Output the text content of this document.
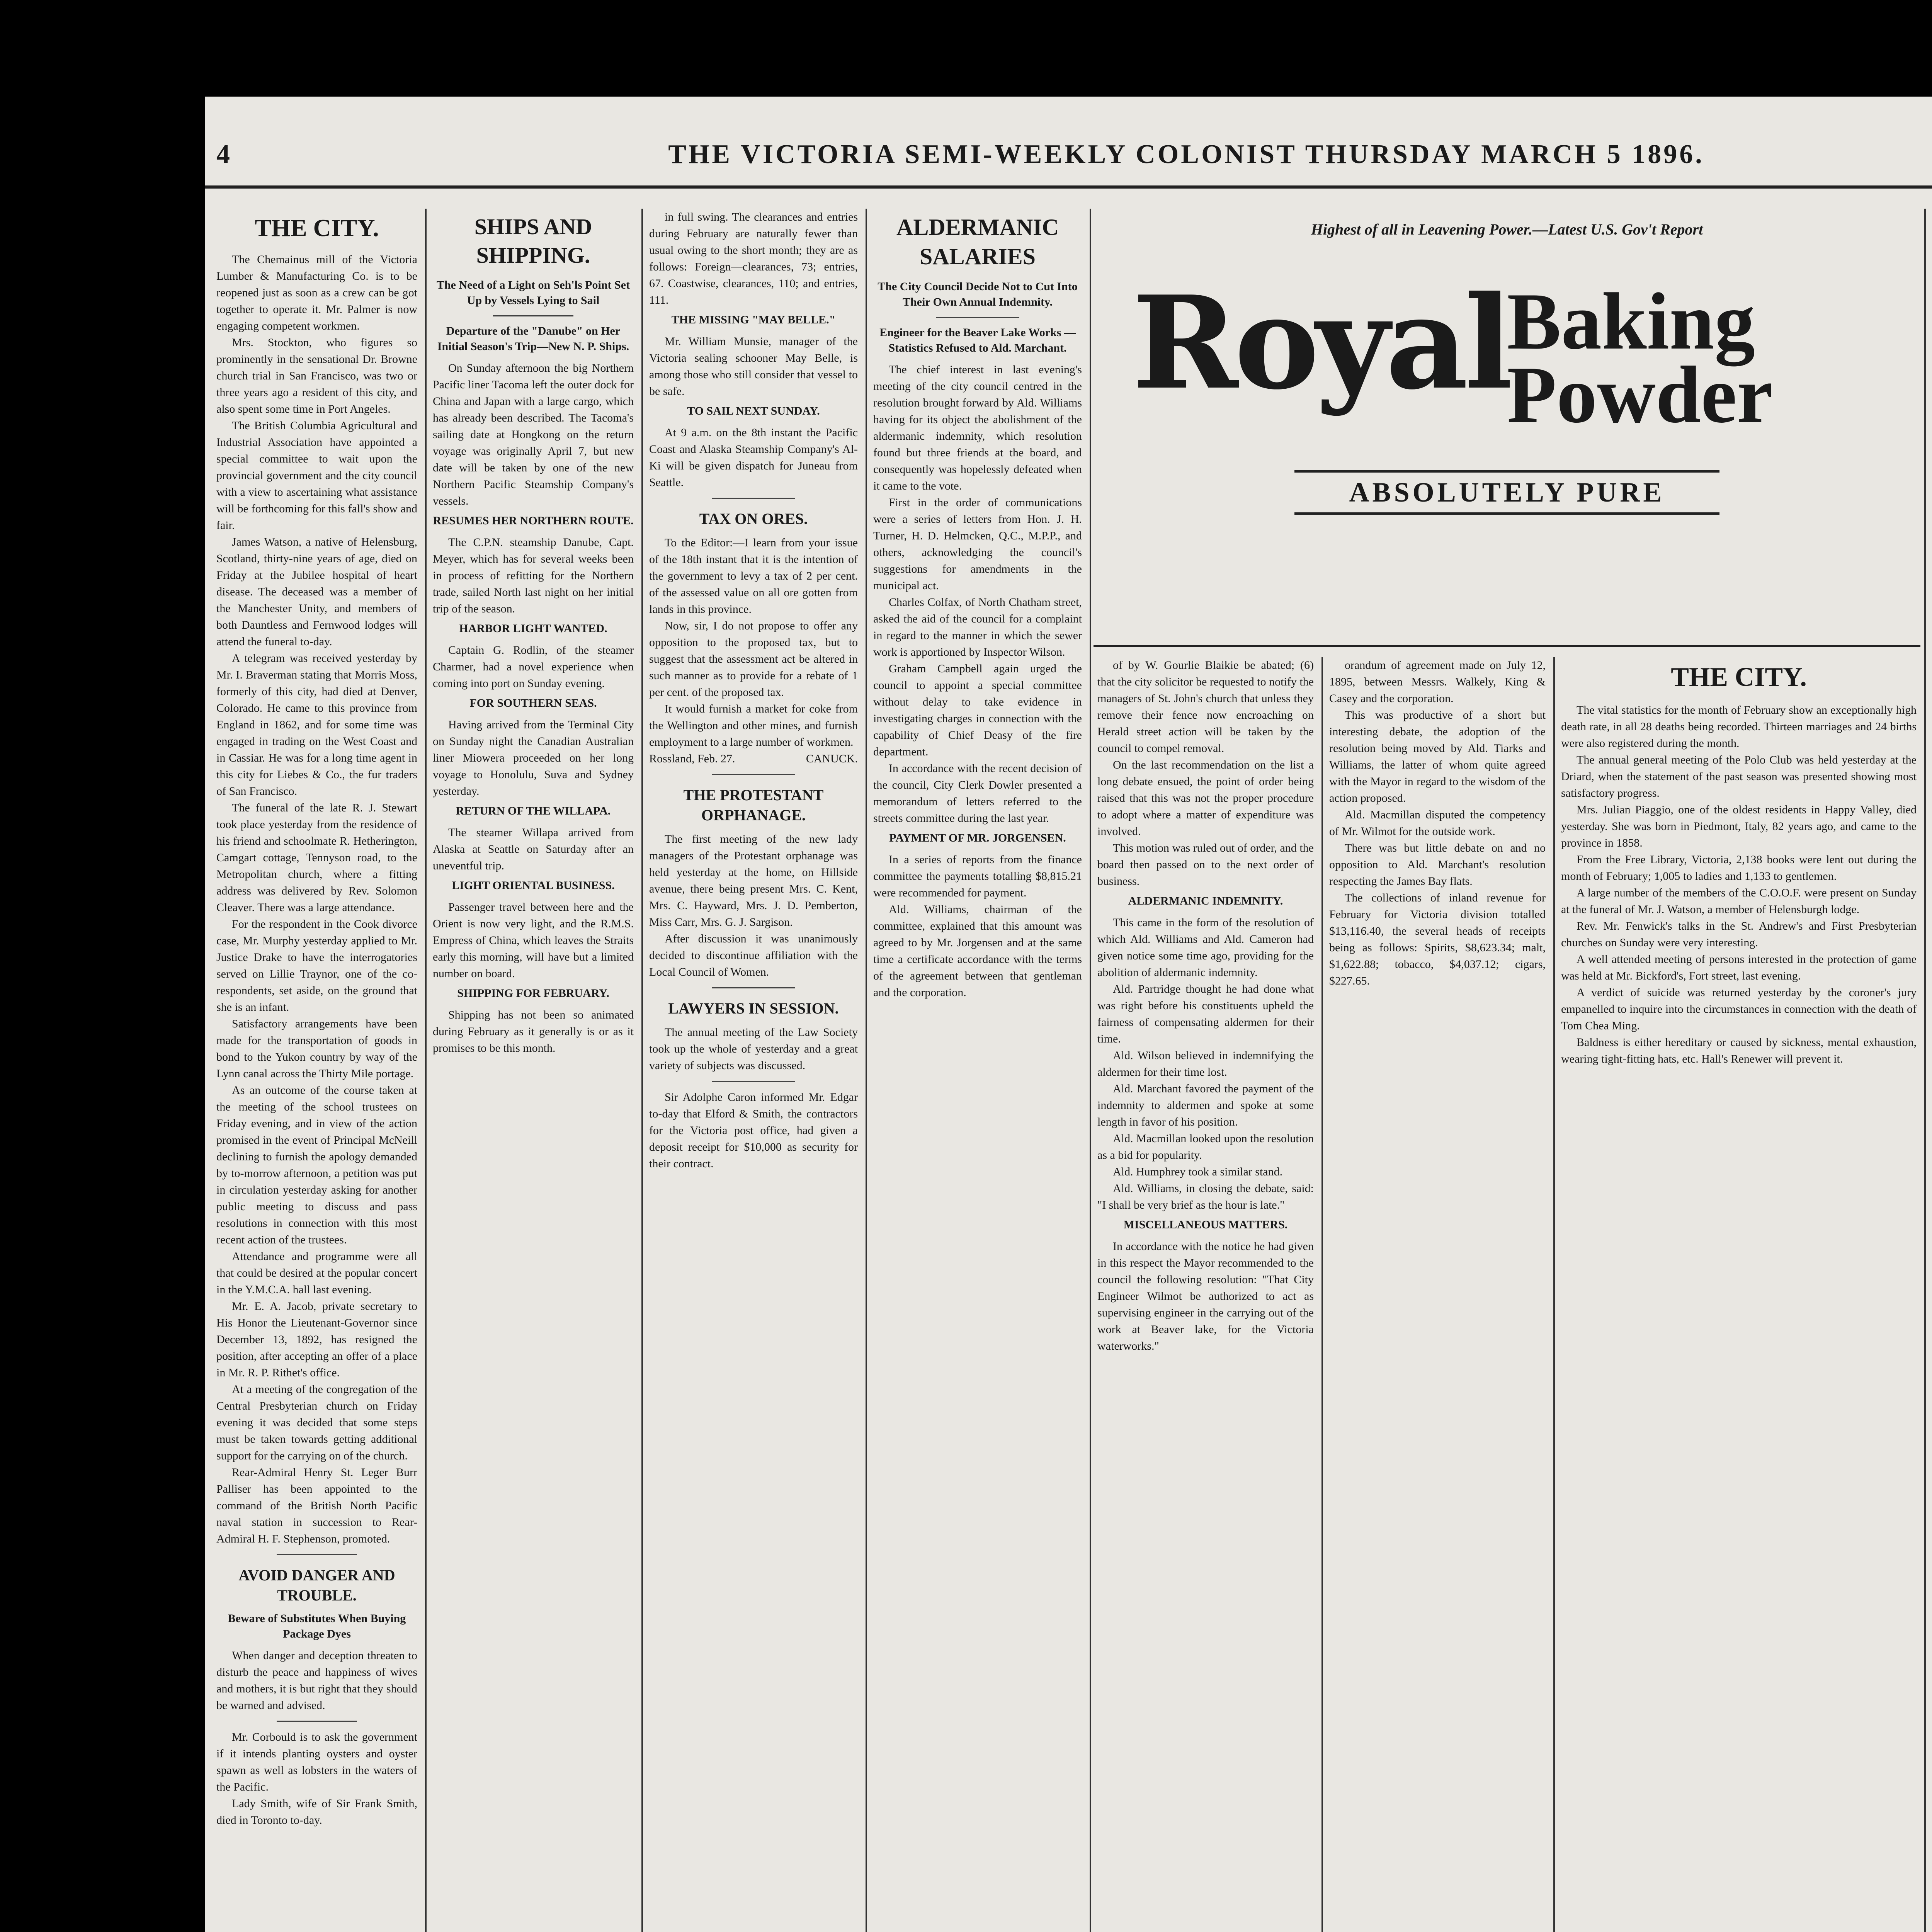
4	THE VICTORIA SEMI-WEEKLY COLONIST THURSDAY MARCH 5 1896.
THE CITY.

The Chemainus mill of the Victoria Lumber & Manufacturing Co. is to be reopened just as soon as a crew can be got together to operate it. Mr. Palmer is now engaging competent workmen.

Mrs. Stockton, who figures so prominently in the sensational Dr. Browne church trial in San Francisco, was two or three years ago a resident of this city, and also spent some time in Port Angeles.

The British Columbia Agricultural and Industrial Association have appointed a special committee to wait upon the provincial government and the city council with a view to ascertaining what assistance will be forthcoming for this fall's show and fair.

James Watson, a native of Helensburg, Scotland, thirty-nine years of age, died on Friday at the Jubilee hospital of heart disease. The deceased was a member of the Manchester Unity, and members of both Dauntless and Fernwood lodges will attend the funeral to-day.

A telegram was received yesterday by Mr. I. Braverman stating that Morris Moss, formerly of this city, had died at Denver, Colorado. He came to this province from England in 1862, and for some time was engaged in trading on the West Coast and in Cassiar. He was for a long time agent in this city for Liebes & Co., the fur traders of San Francisco.

The funeral of the late R. J. Stewart took place yesterday from the residence of his friend and schoolmate R. Hetherington, Camgart cottage, Tennyson road, to the Metropolitan church, where a fitting address was delivered by Rev. Solomon Cleaver. There was a large attendance.

For the respondent in the Cook divorce case, Mr. Murphy yesterday applied to Mr. Justice Drake to have the interrogatories served on Lillie Traynor, one of the co-respondents, set aside, on the ground that she is an infant.

Satisfactory arrangements have been made for the transportation of goods in bond to the Yukon country by way of the Lynn canal across the Thirty Mile portage.

As an outcome of the course taken at the meeting of the school trustees on Friday evening, and in view of the action promised in the event of Principal McNeill declining to furnish the apology demanded by to-morrow afternoon, a petition was put in circulation yesterday asking for another public meeting to discuss and pass resolutions in connection with this most recent action of the trustees.

Attendance and programme were all that could be desired at the popular concert in the Y.M.C.A. hall last evening.

Mr. E. A. Jacob, private secretary to His Honor the Lieutenant-Governor since December 13, 1892, has resigned the position, after accepting an offer of a place in Mr. R. P. Rithet's office.

At a meeting of the congregation of the Central Presbyterian church on Friday evening it was decided that some steps must be taken towards getting additional support for the carrying on of the church.

Rear-Admiral Henry St. Leger Burr Palliser has been appointed to the command of the British North Pacific naval station in succession to Rear-Admiral H. F. Stephenson, promoted.

AVOID DANGER AND TROUBLE.
Beware of Substitutes When Buying Package Dyes

When danger and deception threaten to disturb the peace and happiness of wives and mothers, it is but right that they should be warned and advised.

Mr. Corbould is to ask the government if it intends planting oysters and oyster spawn as well as lobsters in the waters of the Pacific.

Lady Smith, wife of Sir Frank Smith, died in Toronto to-day.

SHIPS AND SHIPPING.
The Need of a Light on Seh'ls Point Set Up by Vessels Lying to Sail
Departure of the "Danube" on Her Initial Season's Trip—New N. P. Ships.

On Sunday afternoon the big Northern Pacific liner Tacoma left the outer dock for China and Japan with a large cargo, which has already been described. The Tacoma's sailing date at Hongkong on the return voyage was originally April 7, but new date will be taken by one of the new Northern Pacific Steamship Company's vessels.

RESUMES HER NORTHERN ROUTE.

The C.P.N. steamship Danube, Capt. Meyer, which has for several weeks been in process of refitting for the Northern trade, sailed North last night on her initial trip of the season.

HARBOR LIGHT WANTED.

Captain G. Rodlin, of the steamer Charmer, had a novel experience when coming into port on Sunday evening.

FOR SOUTHERN SEAS.

Having arrived from the Terminal City on Sunday night the Canadian Australian liner Miowera proceeded on her long voyage to Honolulu, Suva and Sydney yesterday.

RETURN OF THE WILLAPA.

The steamer Willapa arrived from Alaska at Seattle on Saturday after an uneventful trip.

LIGHT ORIENTAL BUSINESS.

Passenger travel between here and the Orient is now very light, and the R.M.S. Empress of China, which leaves the Straits early this morning, will have but a limited number on board.

SHIPPING FOR FEBRUARY.

Shipping has not been so animated during February as it generally is or as it promises to be this month.

in full swing. The clearances and entries during February are naturally fewer than usual owing to the short month; they are as follows: Foreign—clearances, 73; entries, 67. Coastwise, clearances, 110; and entries, 111.

THE MISSING "MAY BELLE."

Mr. William Munsie, manager of the Victoria sealing schooner May Belle, is among those who still consider that vessel to be safe.

TO SAIL NEXT SUNDAY.

At 9 a.m. on the 8th instant the Pacific Coast and Alaska Steamship Company's Al-Ki will be given dispatch for Juneau from Seattle.

TAX ON ORES.

To the Editor:—I learn from your issue of the 18th instant that it is the intention of the government to levy a tax of 2 per cent. of the assessed value on all ore gotten from lands in this province.

Now, sir, I do not propose to offer any opposition to the proposed tax, but to suggest that the assessment act be altered in such manner as to provide for a rebate of 1 per cent. of the proposed tax.

It would furnish a market for coke from the Wellington and other mines, and furnish employment to a large number of workmen.

Rossland, Feb. 27.	CANUCK.

THE PROTESTANT ORPHANAGE.

The first meeting of the new lady managers of the Protestant orphanage was held yesterday at the home, on Hillside avenue, there being present Mrs. C. Kent, Mrs. C. Hayward, Mrs. J. D. Pemberton, Miss Carr, Mrs. G. J. Sargison.

After discussion it was unanimously decided to discontinue affiliation with the Local Council of Women.

LAWYERS IN SESSION.

The annual meeting of the Law Society took up the whole of yesterday and a great variety of subjects was discussed.

Sir Adolphe Caron informed Mr. Edgar to-day that Elford & Smith, the contractors for the Victoria post office, had given a deposit receipt for $10,000 as security for their contract.

ALDERMANIC SALARIES
The City Council Decide Not to Cut Into Their Own Annual Indemnity.
Engineer for the Beaver Lake Works —Statistics Refused to Ald. Marchant.

The chief interest in last evening's meeting of the city council centred in the resolution brought forward by Ald. Williams having for its object the abolishment of the aldermanic indemnity, which resolution found but three friends at the board, and consequently was hopelessly defeated when it came to the vote.

First in the order of communications were a series of letters from Hon. J. H. Turner, H. D. Helmcken, Q.C., M.P.P., and others, acknowledging the council's suggestions for amendments in the municipal act.

Charles Colfax, of North Chatham street, asked the aid of the council for a complaint in regard to the manner in which the sewer work is apportioned by Inspector Wilson.

Graham Campbell again urged the council to appoint a special committee without delay to take evidence in investigating charges in connection with the capability of Chief Deasy of the fire department.

In accordance with the recent decision of the council, City Clerk Dowler presented a memorandum of letters referred to the streets committee during the last year.

PAYMENT OF MR. JORGENSEN.

In a series of reports from the finance committee the payments totalling $8,815.21 were recommended for payment.

Ald. Williams, chairman of the committee, explained that this amount was agreed to by Mr. Jorgensen and at the same time a certificate accordance with the terms of the agreement between that gentleman and the corporation.

of by W. Gourlie Blaikie be abated; (6) that the city solicitor be requested to notify the managers of St. John's church that unless they remove their fence now encroaching on Herald street action will be taken by the council to compel removal.

On the last recommendation on the list a long debate ensued, the point of order being raised that this was not the proper procedure to adopt where a matter of expenditure was involved.

This motion was ruled out of order, and the board then passed on to the next order of business.

ALDERMANIC INDEMNITY.

This came in the form of the resolution of which Ald. Williams and Ald. Cameron had given notice some time ago, providing for the abolition of aldermanic indemnity.

Ald. Partridge thought he had done what was right before his constituents upheld the fairness of compensating aldermen for their time.

Ald. Wilson believed in indemnifying the aldermen for their time lost.

Ald. Marchant favored the payment of the indemnity to aldermen and spoke at some length in favor of his position.

Ald. Macmillan looked upon the resolution as a bid for popularity.

Ald. Humphrey took a similar stand.

Ald. Williams, in closing the debate, said: "I shall be very brief as the hour is late."

MISCELLANEOUS MATTERS.

In accordance with the notice he had given in this respect the Mayor recommended to the council the following resolution: "That City Engineer Wilmot be authorized to act as supervising engineer in the carrying out of the work at Beaver lake, for the Victoria waterworks."

Highest of all in Leavening Power.—Latest U.S. Gov't Report
Royal
Baking
Powder
ABSOLUTELY PURE

orandum of agreement made on July 12, 1895, between Messrs. Walkely, King & Casey and the corporation.

This was productive of a short but interesting debate, the adoption of the resolution being moved by Ald. Tiarks and Williams, the latter of whom quite agreed with the Mayor in regard to the wisdom of the action proposed.

Ald. Macmillan disputed the competency of Mr. Wilmot for the outside work.

There was but little debate on and no opposition to Ald. Marchant's resolution respecting the James Bay flats.

The collections of inland revenue for February for Victoria division totalled $13,116.40, the several heads of receipts being as follows: Spirits, $8,623.34; malt, $1,622.88; tobacco, $4,037.12; cigars, $227.65.

THE CITY.

The vital statistics for the month of February show an exceptionally high death rate, in all 28 deaths being recorded. Thirteen marriages and 24 births were also registered during the month.

The annual general meeting of the Polo Club was held yesterday at the Driard, when the statement of the past season was presented showing most satisfactory progress.

Mrs. Julian Piaggio, one of the oldest residents in Happy Valley, died yesterday. She was born in Piedmont, Italy, 82 years ago, and came to the province in 1858.

From the Free Library, Victoria, 2,138 books were lent out during the month of February; 1,005 to ladies and 1,133 to gentlemen.

A large number of the members of the C.O.O.F. were present on Sunday at the funeral of Mr. J. Watson, a member of Helensburgh lodge.

Rev. Mr. Fenwick's talks in the St. Andrew's and First Presbyterian churches on Sunday were very interesting.

A well attended meeting of persons interested in the protection of game was held at Mr. Bickford's, Fort street, last evening.

A verdict of suicide was returned yesterday by the coroner's jury empanelled to inquire into the circumstances in connection with the death of Tom Chea Ming.

Baldness is either hereditary or caused by sickness, mental exhaustion, wearing tight-fitting hats, etc. Hall's Renewer will prevent it.
